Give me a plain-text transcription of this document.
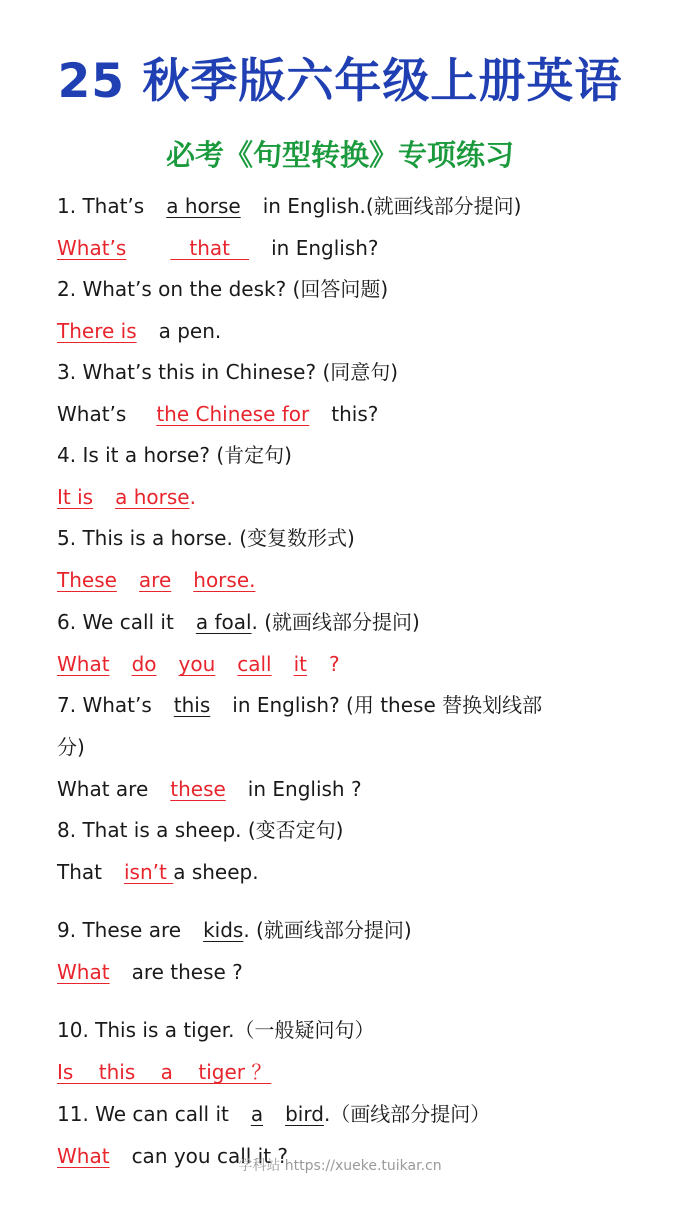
25 秋季版六年级上册英语
必考《句型转换》专项练习
1. That’s a horse in English.(就画线部分提问)
What’s	that in English?
2. What’s on the desk? (回答问题)
There is a pen.
3. What’s this in Chinese? (同意句)
What’s the Chinese for this?
4. Is it a horse? (肯定句)
It is a horse.
5. This is a horse. (变复数形式)
These are horse.
6. We call it a foal. (就画线部分提问)
What do you call it ?
7. What’s this in English? (用 these 替换划线部
分)
What are these in English ?
8. That is a sheep. (变否定句)
That isn’t a sheep.
9. These are kids. (就画线部分提问)
What are these ?
10. This is a tiger.（一般疑问句）
Is    this    a    tiger ？
11. We can call it a bird.（画线部分提问）
What can you call it ?
学科站 https://xueke.tuikar.cn
